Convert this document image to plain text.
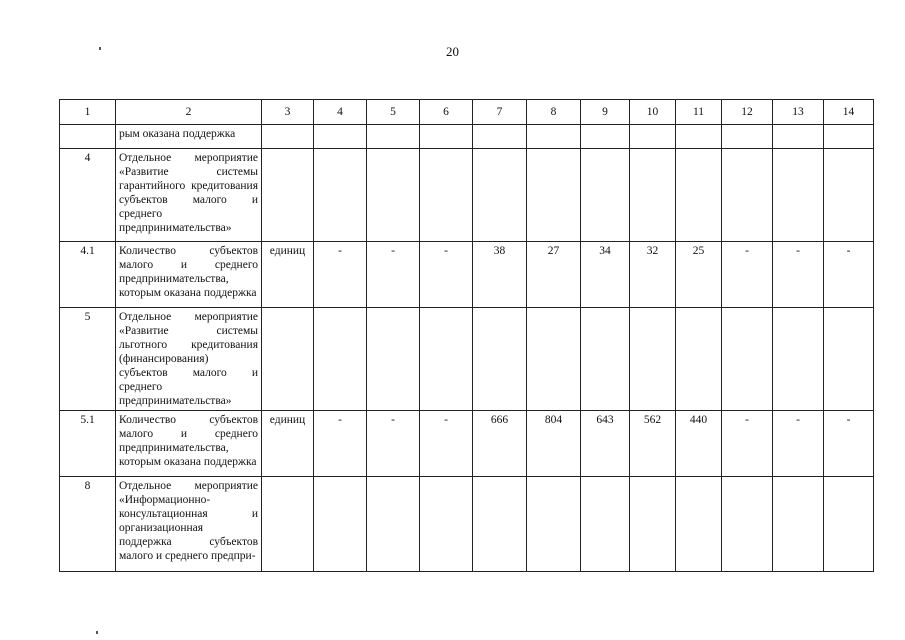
20
1	2	3	4	5	6	7	8	9	10	11	12	13	14
	рым оказана поддержка												
4	Отдельное мероприятие «Развитие системы гарантийного кредитования субъектов малого и среднего предпринимательства»												
4.1	Количество субъектов малого и среднего предпринимательства, которым оказана поддержка	единиц	-	-	-	38	27	34	32	25	-	-	-
5	Отдельное мероприятие «Развитие системы льготного кредитования (финансирования) субъектов малого и среднего предпринимательства»												
5.1	Количество субъектов малого и среднего предпринимательства, которым оказана поддержка	единиц	-	-	-	666	804	643	562	440	-	-	-
8	Отдельное мероприятие «Информационно-консультационная и организационная поддержка субъектов малого и среднего предпри-												
